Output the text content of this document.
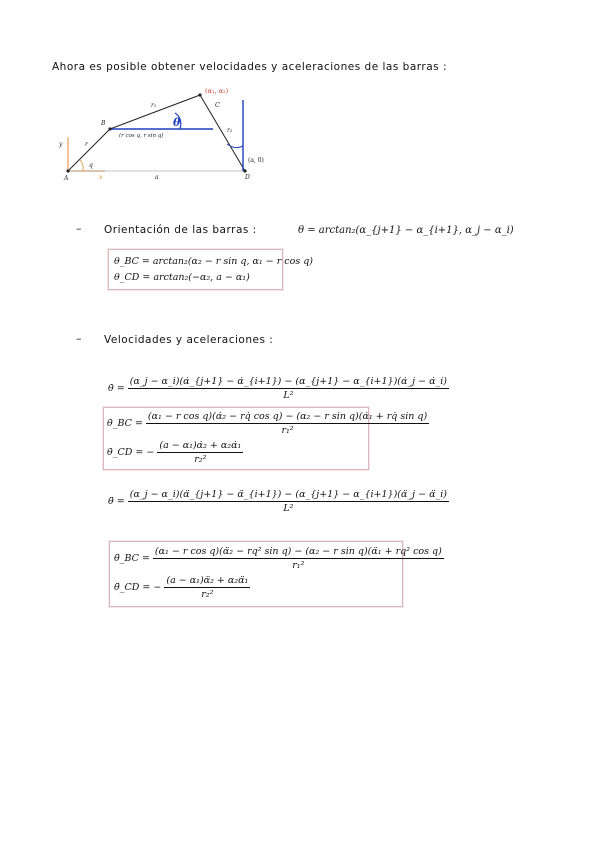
Ahora es posible obtener velocidades y aceleraciones de las barras :
(α₁, α₂)
C
B
r₁
r₂
θ
(r cos q, r sin q)
r
q
y
x
A	a	D
(a, 0)
– Orientación de las barras :	θ = arctan₂(α_{j+1} − α_{i+1}, α_j − α_i)
θ_BC = arctan₂(α₂ − r sin q, α₁ − r cos q)
θ_CD = arctan₂(−α₂, a − α₁)
– Velocidades y aceleraciones :
θ̇ =
(α_j − α_i)(α̇_{j+1} − α̇_{i+1}) − (α_{j+1} − α_{i+1})(α̇_j − α̇_i)
L²
θ̇_BC =
(α₁ − r cos q)(α̇₂ − rq̇ cos q) − (α₂ − r sin q)(α̇₁ + rq̇ sin q)
r₁²
θ̇_CD = − $\frac{\text{(a − α₁)α̇₂ + α₂α̇₁}}{\text{r₂²}}$
θ̈ =
(α_j − α_i)(α̈_{j+1} − α̈_{i+1}) − (α_{j+1} − α_{i+1})(α̈_j − α̈_i)
L²
θ̈_BC =
(α₁ − r cos q)(α̈₂ − rq² sin q) − (α₂ − r sin q)(α̈₁ + rq² cos q)
r₁²
θ̈_CD = − $\frac{\text{(a − α₁)α̈₂ + α₂α̈₁}}{\text{r₂²}}$
